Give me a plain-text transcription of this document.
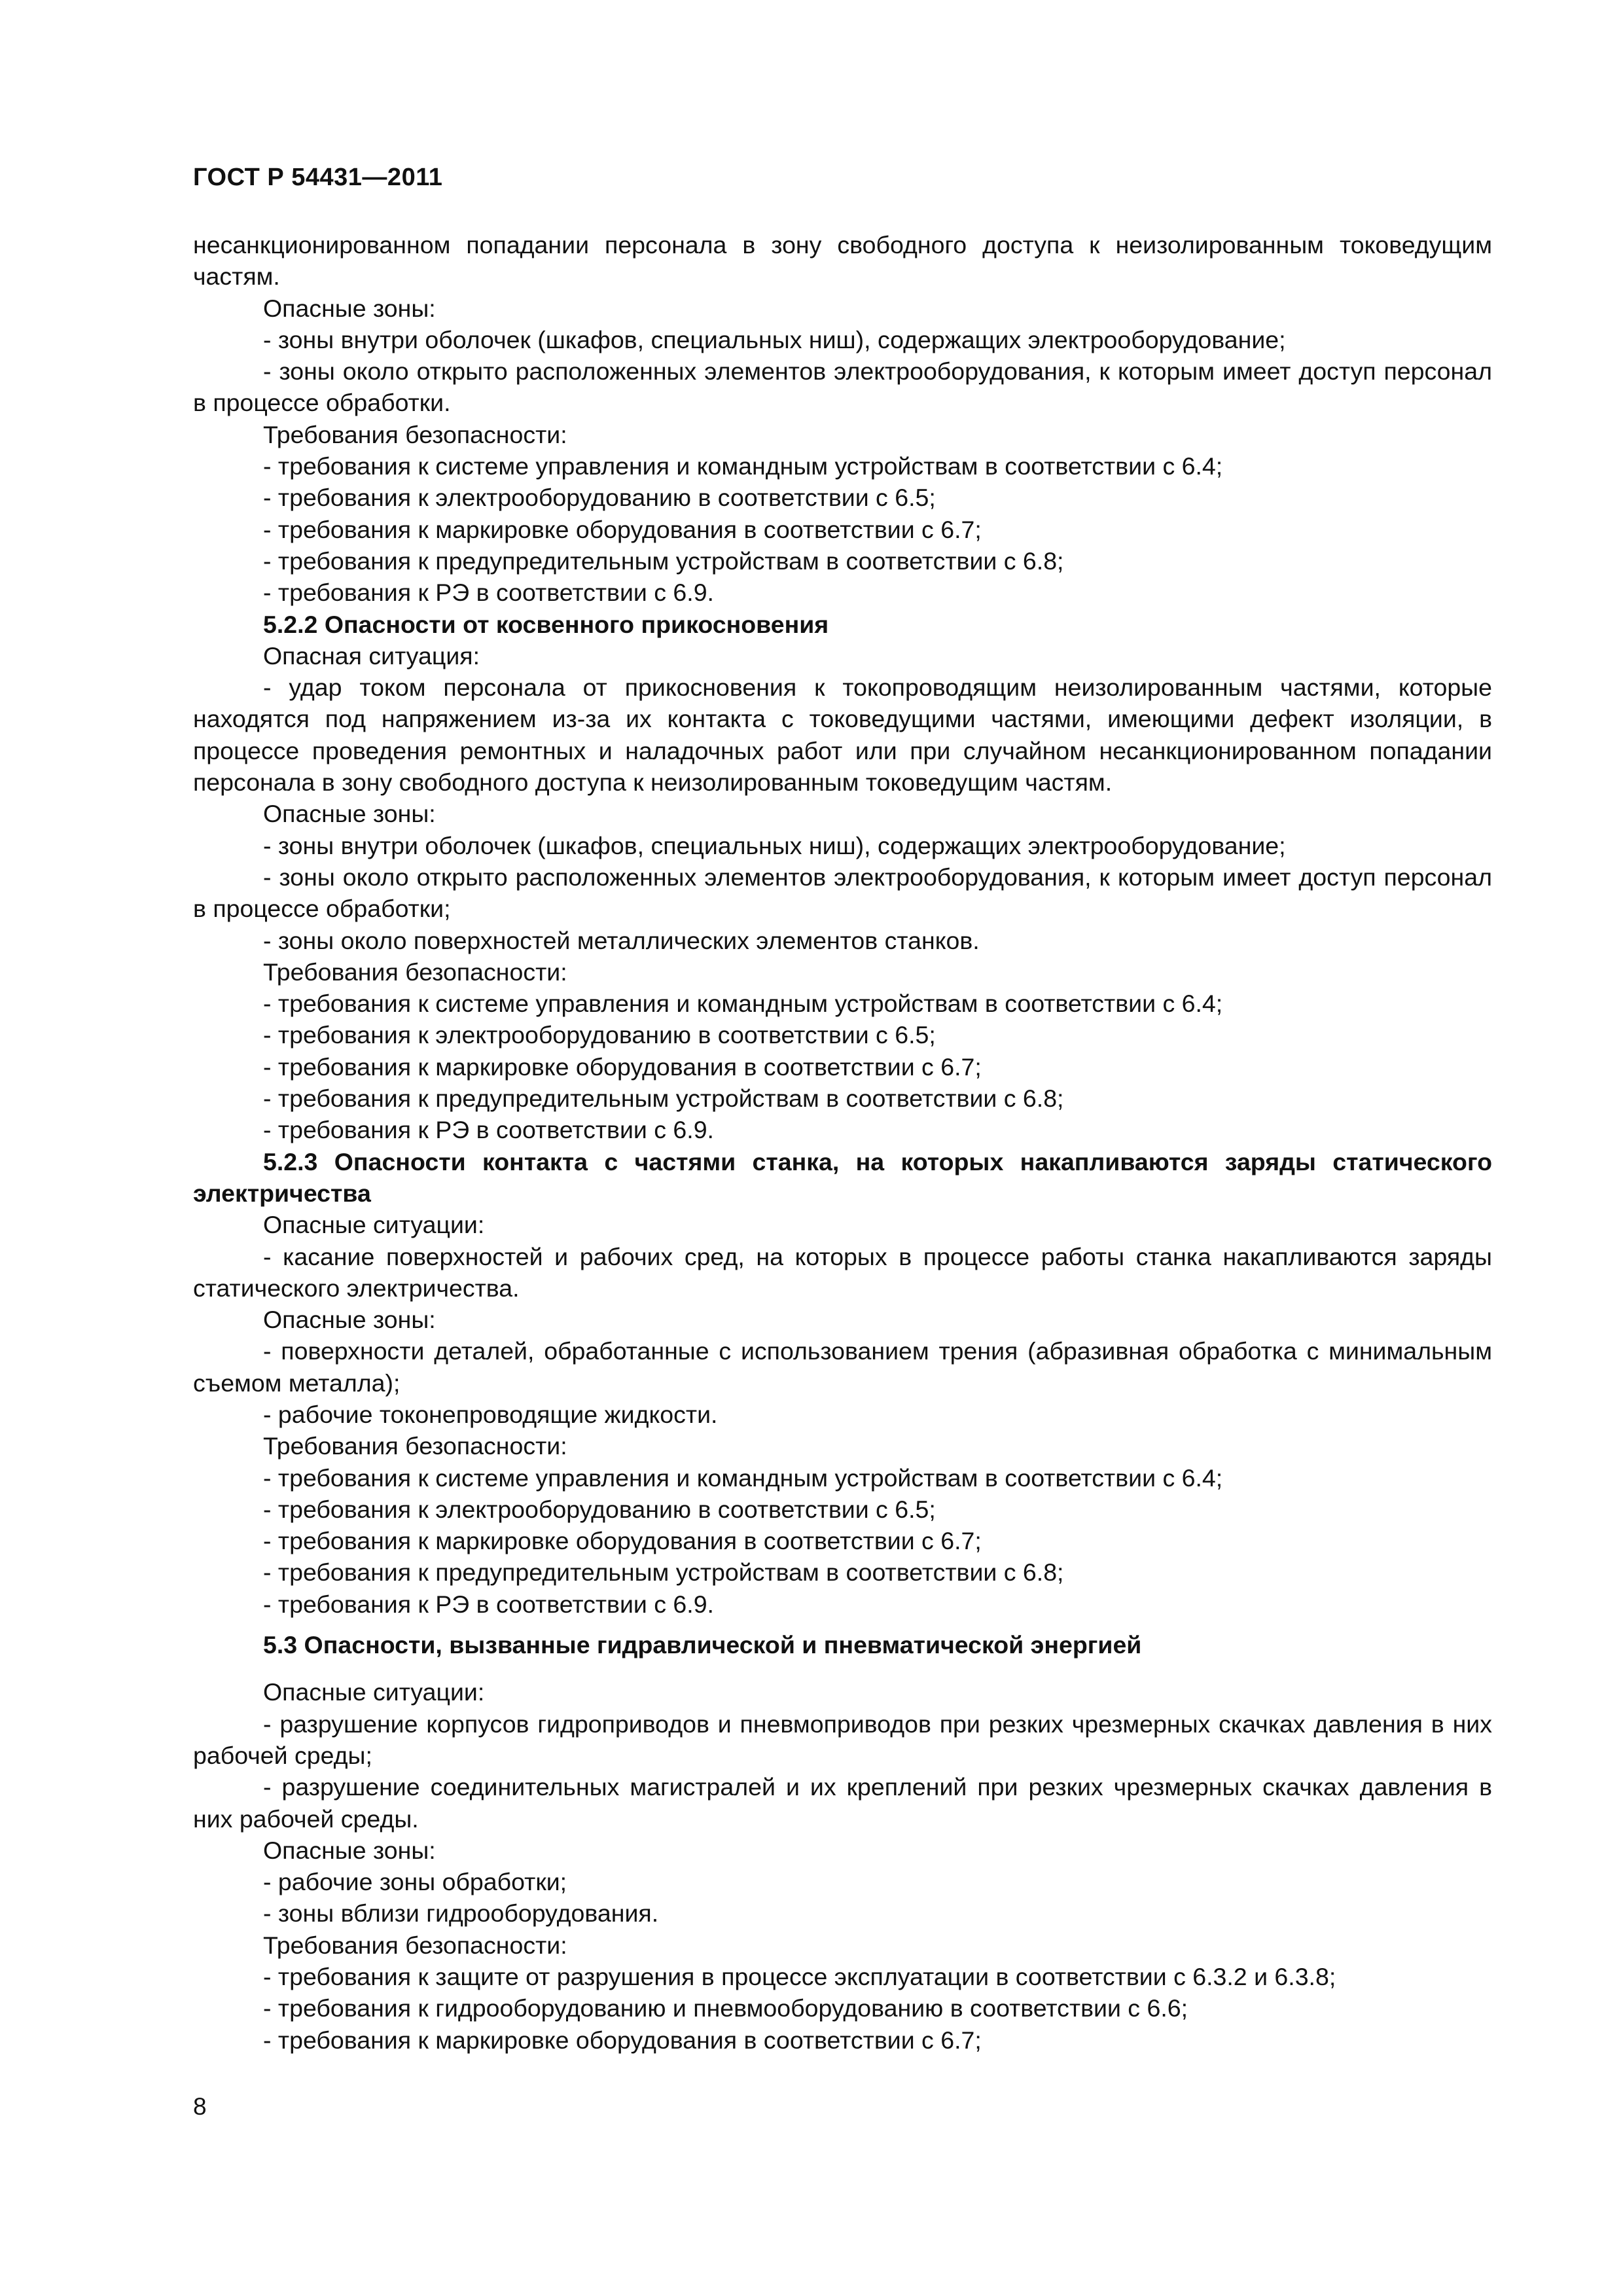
ГОСТ Р 54431—2011

несанкционированном попадании персонала в зону свободного доступа к неизолированным токоведущим частям.

Опасные зоны:

- зоны внутри оболочек (шкафов, специальных ниш), содержащих электрооборудование;

- зоны около открыто расположенных элементов электрооборудования, к которым имеет доступ персонал в процессе обработки.

Требования безопасности:

- требования к системе управления и командным устройствам в соответствии с 6.4;

- требования к электрооборудованию в соответствии с 6.5;

- требования к маркировке оборудования в соответствии с 6.7;

- требования к предупредительным устройствам в соответствии с 6.8;

- требования к РЭ в соответствии с 6.9.

5.2.2 Опасности от косвенного прикосновения

Опасная ситуация:

- удар током персонала от прикосновения к токопроводящим неизолированным частями, которые находятся под напряжением из-за их контакта с токоведущими частями, имеющими дефект изоляции, в процессе проведения ремонтных и наладочных работ или при случайном несанкционированном попадании персонала в зону свободного доступа к неизолированным токоведущим частям.

Опасные зоны:

- зоны внутри оболочек (шкафов, специальных ниш), содержащих электрооборудование;

- зоны около открыто расположенных элементов электрооборудования, к которым имеет доступ персонал в процессе обработки;

- зоны около поверхностей металлических элементов станков.

Требования безопасности:

- требования к системе управления и командным устройствам в соответствии с 6.4;

- требования к электрооборудованию в соответствии с 6.5;

- требования к маркировке оборудования в соответствии с 6.7;

- требования к предупредительным устройствам в соответствии с 6.8;

- требования к РЭ в соответствии с 6.9.

5.2.3 Опасности контакта с частями станка, на которых накапливаются заряды статического электричества

Опасные ситуации:

- касание поверхностей и рабочих сред, на которых в процессе работы станка накапливаются заряды статического электричества.

Опасные зоны:

- поверхности деталей, обработанные с использованием трения (абразивная обработка с минимальным съемом металла);

- рабочие токонепроводящие жидкости.

Требования безопасности:

- требования к системе управления и командным устройствам в соответствии с 6.4;

- требования к электрооборудованию в соответствии с 6.5;

- требования к маркировке оборудования в соответствии с 6.7;

- требования к предупредительным устройствам в соответствии с 6.8;

- требования к РЭ в соответствии с 6.9.

5.3 Опасности, вызванные гидравлической и пневматической энергией

Опасные ситуации:

- разрушение корпусов гидроприводов и пневмоприводов при резких чрезмерных скачках давления в них рабочей среды;

- разрушение соединительных магистралей и их креплений при резких чрезмерных скачках давления в них рабочей среды.

Опасные зоны:

- рабочие зоны обработки;

- зоны вблизи гидрооборудования.

Требования безопасности:

- требования к защите от разрушения в процессе эксплуатации в соответствии с 6.3.2 и 6.3.8;

- требования к гидрооборудованию и пневмооборудованию в соответствии с 6.6;

- требования к маркировке оборудования в соответствии с 6.7;

8
